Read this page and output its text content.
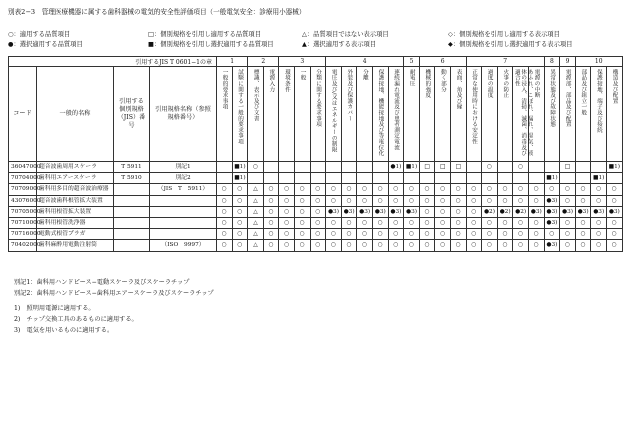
別表2−3　管理医療機器に属する歯科器械の電気的安全性評価項目（一般電気安全：診療用小器械）
○：適用する品質項目	□：個別規格を引用し適用する品質項目	△：品質項目ではない表示項目	◇：個別規格を引用し適用する表示項目
●：選択適用する品質項目	■：個別規格を引用し選択適用する品質項目	▲：選択適用する表示項目	◆：個別規格を引用し選択適用する表示項目
引用するJIS T 0601−1の章				1		2		3			4					5	6			7					8	9	10		
コード	一般的名称	引用する個別規格（JIS）番号	引用規格名称（参照規格番号）	一般的要求事項	試験に関する一般的要求事項	標識、表示及び文書	電源入力	環境条件	一般	分類に関する要求事項	電圧及び/又はエネルギーの制限	外装及び保護カバー	分離	保護接地、機能接地及び等電位化	連続漏れ電流及び患者測定電流	耐電圧	機械的強度	動く部分	表面、角及び縁	正常な使用時における安定性	過度の温度	火事の防止	あふれ、こぼれ、漏れ、湿気、液体の浸入、清掃、滅菌、消毒及び適合性	電源の中断	異常状態及び故障状態	電源部、部品及び配置	部品及び組立一般	保護接地、端子及び接続	構造及び配置

36047000	超音波歯周用スケーラ	T 5911	別記1		■1)	○									●1)	■1)	□	□	□		○		○			□			■1)
70704000	歯科用エアースケーラ	T 5910	別記2		■1)																				■1)			■1)	
70709000	歯科用多目的超音波治療器		（JIS　T　5911）	○	○	△	○	○	○	○	○	○	○	○	○	○	○	○	○	○	○	○	○	○	○	○	○	○	○
43076000	超音波歯科根管拡大装置			○	○	△	○	○	○	○	○	○	○	○	○	○	○	○	○	○	○	○	○	○	●3)	○	○	○	○
70705000	歯科用根管拡大装置			○	○	△	○	○	○	○	●3)	●3)	●3)	●3)	●3)	●3)	○	○	○	○	●2)	●2)	●2)	●3)	●3)	●3)	●3)	●3)	●3)
70710000	歯科用根管洗浄器			○	○	△	○	○	○	○	○	○	○	○	○	○	○	○	○	○	○	○	○	○	●3)	○	○	○	○
70716000	電動式根管プラガ			○	○	△	○	○	○	○	○	○	○	○	○	○	○	○	○	○	○	○	○	○	○	○	○	○	○
70402000	歯科麻酔用電動注射筒		（ISO　9997）	○	○	△	○	○	○	○	○	○	○	○	○	○	○	○	○	○	○	○	○	○	●3)	○	○	○	○
別記1：歯科用ハンドピース−電動スケーラ及びスケーラチップ
別記2：歯科用ハンドピース−歯科用エアースケーラ及びスケーラチップ
1)　照明用電源に適用する。
2)　チップ交換工具のあるものに適用する。
3)　電気を用いるものに適用する。
